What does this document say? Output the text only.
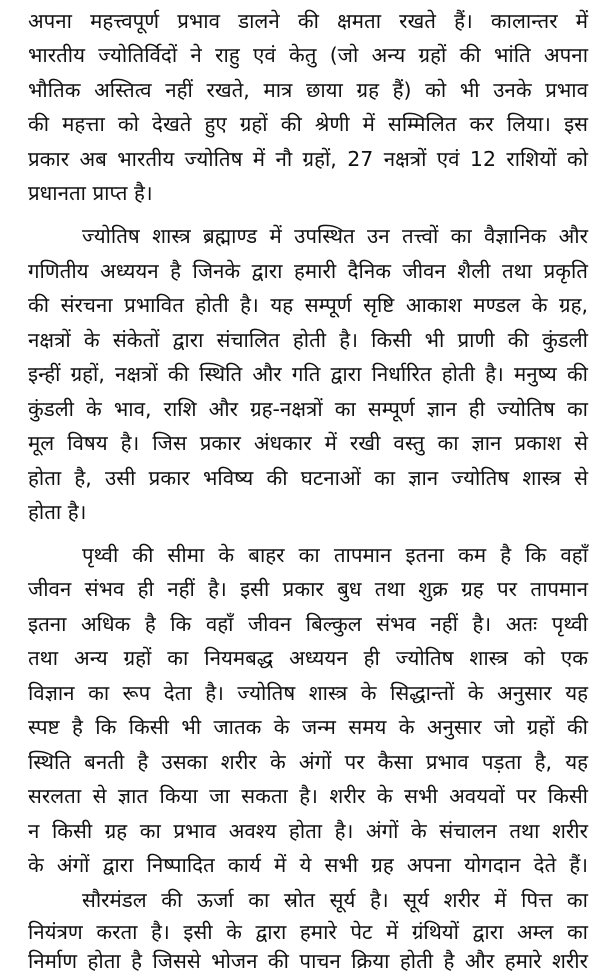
अपना महत्त्वपूर्ण प्रभाव डालने की क्षमता रखते हैं। कालान्तर में
भारतीय ज्योतिर्विदों ने राहु एवं केतु (जो अन्य ग्रहों की भांति अपना
भौतिक अस्तित्व नहीं रखते, मात्र छाया ग्रह हैं) को भी उनके प्रभाव
की महत्ता को देखते हुए ग्रहों की श्रेणी में सम्मिलित कर लिया। इस
प्रकार अब भारतीय ज्योतिष में नौ ग्रहों, 27 नक्षत्रों एवं 12 राशियों को
प्रधानता प्राप्त है।
ज्योतिष शास्त्र ब्रह्माण्ड में उपस्थित उन तत्त्वों का वैज्ञानिक और
गणितीय अध्ययन है जिनके द्वारा हमारी दैनिक जीवन शैली तथा प्रकृति
की संरचना प्रभावित होती है। यह सम्पूर्ण सृष्टि आकाश मण्डल के ग्रह,
नक्षत्रों के संकेतों द्वारा संचालित होती है। किसी भी प्राणी की कुंडली
इन्हीं ग्रहों, नक्षत्रों की स्थिति और गति द्वारा निर्धारित होती है। मनुष्य की
कुंडली के भाव, राशि और ग्रह-नक्षत्रों का सम्पूर्ण ज्ञान ही ज्योतिष का
मूल विषय है। जिस प्रकार अंधकार में रखी वस्तु का ज्ञान प्रकाश से
होता है, उसी प्रकार भविष्य की घटनाओं का ज्ञान ज्योतिष शास्त्र से
होता है।
पृथ्वी की सीमा के बाहर का तापमान इतना कम है कि वहाँ
जीवन संभव ही नहीं है। इसी प्रकार बुध तथा शुक्र ग्रह पर तापमान
इतना अधिक है कि वहाँ जीवन बिल्कुल संभव नहीं है। अतः पृथ्वी
तथा अन्य ग्रहों का नियमबद्ध अध्ययन ही ज्योतिष शास्त्र को एक
विज्ञान का रूप देता है। ज्योतिष शास्त्र के सिद्धान्तों के अनुसार यह
स्पष्ट है कि किसी भी जातक के जन्म समय के अनुसार जो ग्रहों की
स्थिति बनती है उसका शरीर के अंगों पर कैसा प्रभाव पड़ता है, यह
सरलता से ज्ञात किया जा सकता है। शरीर के सभी अवयवों पर किसी
न किसी ग्रह का प्रभाव अवश्य होता है। अंगों के संचालन तथा शरीर
के अंगों द्वारा निष्पादित कार्य में ये सभी ग्रह अपना योगदान देते हैं।
सौरमंडल की ऊर्जा का स्रोत सूर्य है। सूर्य शरीर में पित्त का
नियंत्रण करता है। इसी के द्वारा हमारे पेट में ग्रंथियों द्वारा अम्ल का
निर्माण होता है जिससे भोजन की पाचन क्रिया होती है और हमारे शरीर
